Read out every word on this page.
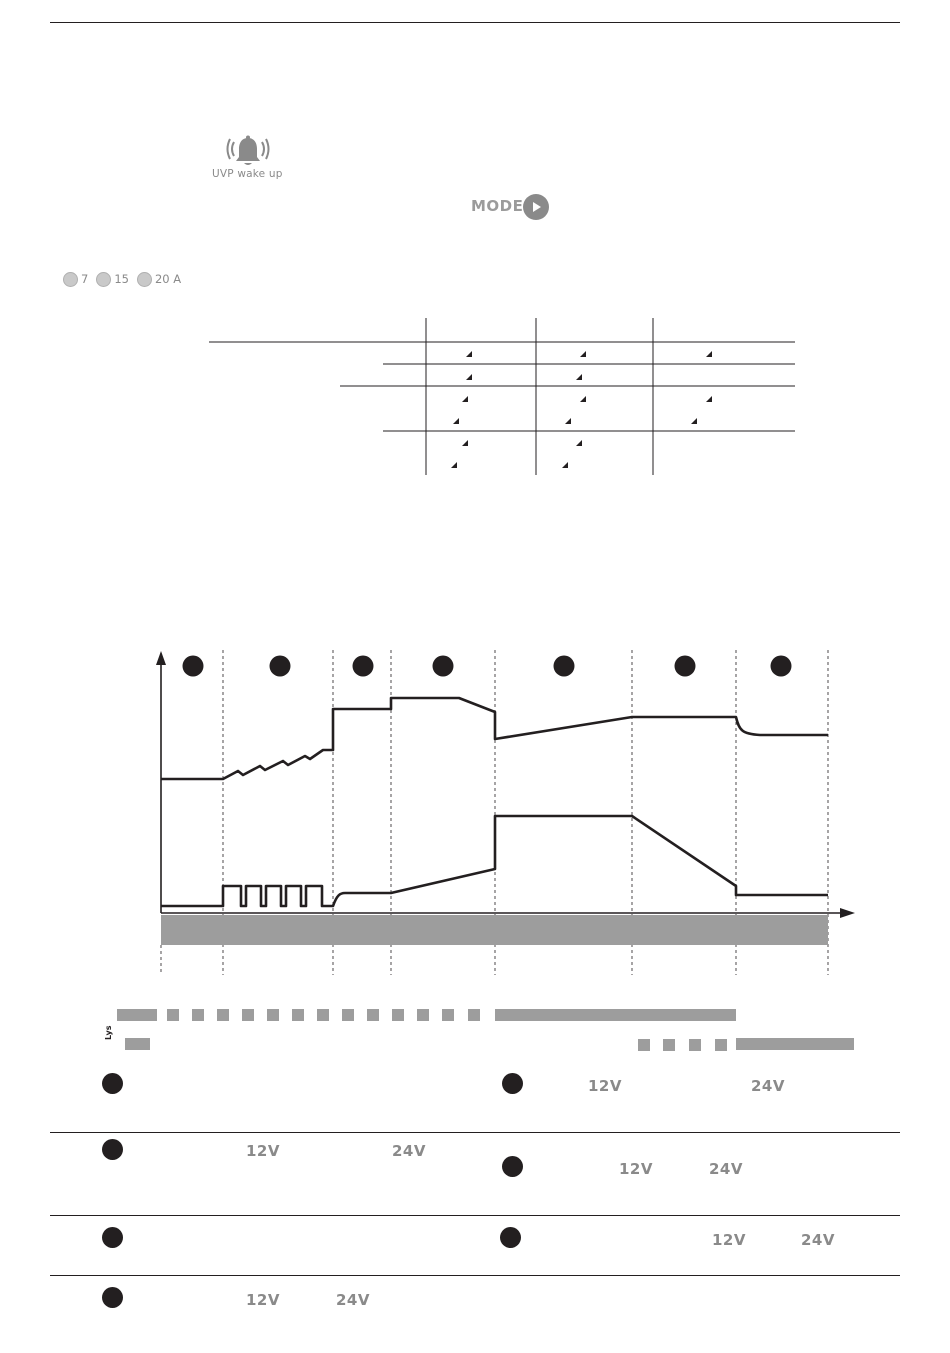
UVP wake up
MODE
7 15 20 A
Lys
12V	24V
12V	24V
12V	24V
12V	24V
12V	24V
